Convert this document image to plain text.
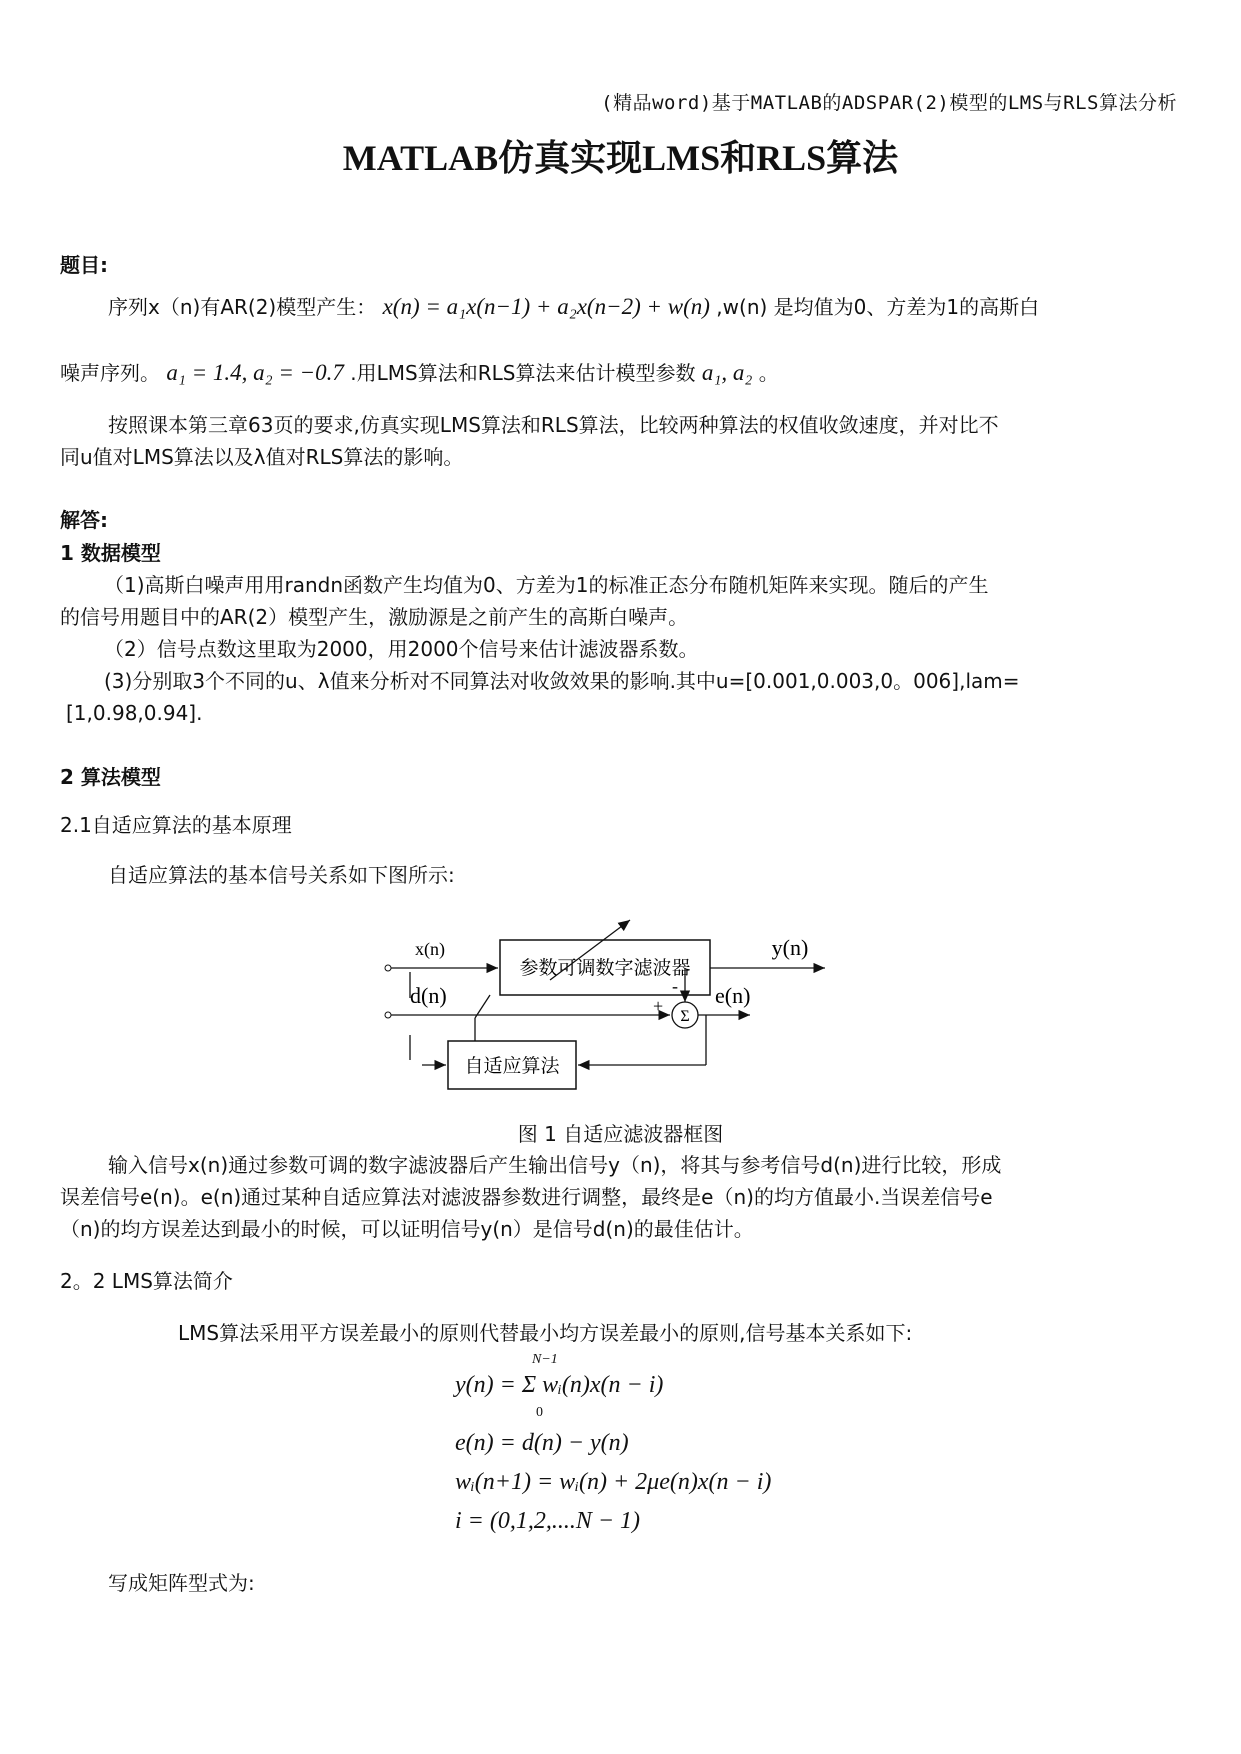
(精品word)基于MATLAB的ADSPAR(2)模型的LMS与RLS算法分析
MATLAB仿真实现LMS和RLS算法
题目:
序列x（n)有AR(2)模型产生： x(n) = a₁x(n−1) + a₂x(n−2) + w(n) ,w(n) 是均值为0、方差为1的高斯白
噪声序列。 a₁ = 1.4, a₂ = −0.7 .用LMS算法和RLS算法来估计模型参数 a₁, a₂ 。
按照课本第三章63页的要求,仿真实现LMS算法和RLS算法，比较两种算法的权值收敛速度，并对比不
同u值对LMS算法以及λ值对RLS算法的影响。
解答:
1 数据模型
（1)高斯白噪声用用randn函数产生均值为0、方差为1的标准正态分布随机矩阵来实现。随后的产生
的信号用题目中的AR(2）模型产生，激励源是之前产生的高斯白噪声。
（2）信号点数这里取为2000，用2000个信号来估计滤波器系数。
(3)分别取3个不同的u、λ值来分析对不同算法对收敛效果的影响.其中u=[0.001,0.003,0。006],lam=
[1,0.98,0.94].
2 算法模型
2.1自适应算法的基本原理
自适应算法的基本信号关系如下图所示:
参数可调数字滤波器
x(n)	y(n)
-
Σ
d(n)	+ e(n)
自适应算法
图 1 自适应滤波器框图
输入信号x(n)通过参数可调的数字滤波器后产生输出信号y（n)，将其与参考信号d(n)进行比较，形成
误差信号e(n)。e(n)通过某种自适应算法对滤波器参数进行调整，最终是e（n)的均方值最小.当误差信号e
（n)的均方误差达到最小的时候，可以证明信号y(n）是信号d(n)的最佳估计。
2。2 LMS算法简介
LMS算法采用平方误差最小的原则代替最小均方误差最小的原则,信号基本关系如下:
y(n) = Σ wᵢ(n)x(n − i)
N−1
0
e(n) = d(n) − y(n)
wᵢ(n+1) = wᵢ(n) + 2μe(n)x(n − i)
i = (0,1,2,....N − 1)
写成矩阵型式为:
